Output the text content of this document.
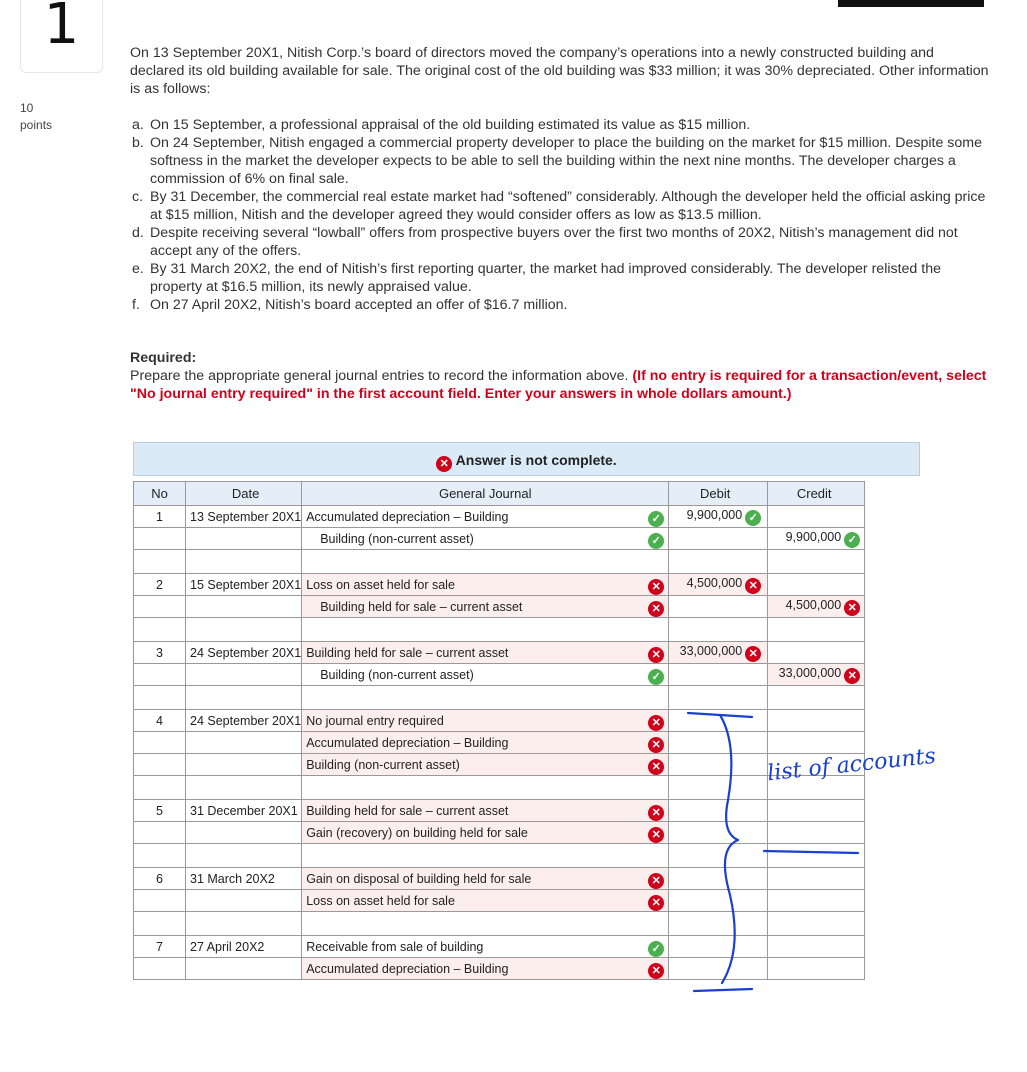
1
10
points

On 13 September 20X1, Nitish Corp.’s board of directors moved the company’s operations into a newly constructed building and declared its old building available for sale. The original cost of the old building was $33 million; it was 30% depreciated. Other information is as follows:

a. On 15 September, a professional appraisal of the old building estimated its value as $15 million.
b. On 24 September, Nitish engaged a commercial property developer to place the building on the market for $15 million. Despite some softness in the market the developer expects to be able to sell the building within the next nine months. The developer charges a commission of 6% on final sale.
c. By 31 December, the commercial real estate market had “softened” considerably. Although the developer held the official asking price at $15 million, Nitish and the developer agreed they would consider offers as low as $13.5 million.
d. Despite receiving several “lowball” offers from prospective buyers over the first two months of 20X2, Nitish’s management did not accept any of the offers.
e. By 31 March 20X2, the end of Nitish’s first reporting quarter, the market had improved considerably. The developer relisted the property at $16.5 million, its newly appraised value.
f. On 27 April 20X2, Nitish’s board accepted an offer of $16.7 million.
Required:
Prepare the appropriate general journal entries to record the information above. (If no entry is required for a transaction/event, select "No journal entry required" in the first account field. Enter your answers in whole dollars amount.)
✕ Answer is not complete.
No	Date	General Journal	Debit	Credit
1	13 September 20X1	Accumulated depreciation – Building ✓	9,900,000 ✓	
		Building (non-current asset) ✓		9,900,000 ✓

2	15 September 20X1	Loss on asset held for sale ✕	4,500,000 ✕	
		Building held for sale – current asset ✕		4,500,000 ✕

3	24 September 20X1	Building held for sale – current asset ✕	33,000,000 ✕	
		Building (non-current asset) ✓		33,000,000 ✕

4	24 September 20X1	No journal entry required ✕		

		Accumulated depreciation – Building ✕		

		Building (non-current asset) ✕		

5	31 December 20X1	Building held for sale – current asset ✕		

		Gain (recovery) on building held for sale ✕		

6	31 March 20X2	Gain on disposal of building held for sale ✕		

		Loss on asset held for sale ✕		

7	27 April 20X2	Receivable from sale of building ✓		

		Accumulated depreciation – Building ✕		

list of accounts
